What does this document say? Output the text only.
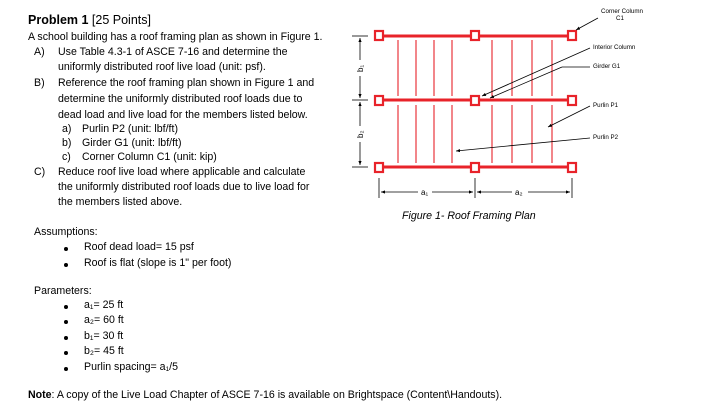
Problem 1 [25 Points]
A school building has a roof framing plan as shown in Figure 1.
A) Use Table 4.3-1 of ASCE 7-16 and determine the
uniformly distributed roof live load (unit: psf).
B) Reference the roof framing plan shown in Figure 1 and
determine the uniformly distributed roof loads due to
dead load and live load for the members listed below.
a) Purlin P2 (unit: lbf/ft)
b) Girder G1 (unit: lbf/ft)
c) Corner Column C1 (unit: kip)
C) Reduce roof live load where applicable and calculate
the uniformly distributed roof loads due to live load for
the members listed above.
Assumptions:
Roof dead load= 15 psf
Roof is flat (slope is 1" per foot)
Parameters:
a₁= 25 ft
a₂= 60 ft
b₁= 30 ft
b₂= 45 ft
Purlin spacing= a₁/5
Note: A copy of the Live Load Chapter of ASCE 7-16 is available on Brightspace (Content\Handouts).
b₁
b₂
a₁	a₂
Corner Column
C1
Interior Column
Girder G1
Purlin P1
Purlin P2
Figure 1- Roof Framing Plan
